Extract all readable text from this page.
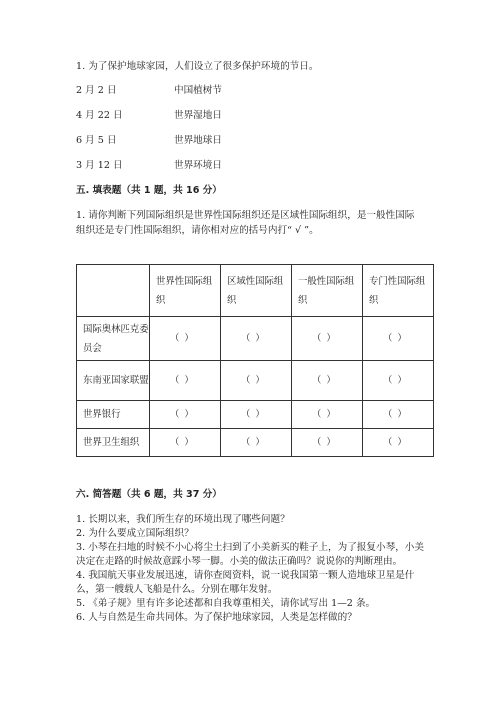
1. 为了保护地球家园，人们设立了很多保护环境的节日。
2 月 2 日	中国植树节
4 月 22 日	世界湿地日
6 月 5 日	世界地球日
3 月 12 日	世界环境日
五. 填表题（共 1 题，共 16 分）
1. 请你判断下列国际组织是世界性国际组织还是区域性国际组织，是一般性国际组织还是专门性国际组织，请你相对应的括号内打“ √ ”。
	世界性国际组织	区域性国际组织	一般性国际组织	专门性国际组织
国际奥林匹克委员会	（ ）	（ ）	（ ）	（ ）
东南亚国家联盟	（ ）	（ ）	（ ）	（ ）
世界银行	（ ）	（ ）	（ ）	（ ）
世界卫生组织	（ ）	（ ）	（ ）	（ ）
六. 简答题（共 6 题，共 37 分）
1. 长期以来，我们所生存的环境出现了哪些问题？
2. 为什么要成立国际组织？
3. 小琴在扫地的时候不小心将尘土扫到了小美新买的鞋子上，为了报复小琴，小美决定在走路的时候故意踩小琴一脚。小美的做法正确吗？说说你的判断理由。
4. 我国航天事业发展迅速，请你查阅资料，说一说我国第一颗人造地球卫星是什么，第一艘载人飞船是什么。分别在哪年发射。
5. 《弟子规》里有许多论述都和自我尊重相关，请你试写出 1—2 条。
6. 人与自然是生命共同体。为了保护地球家园，人类是怎样做的？
